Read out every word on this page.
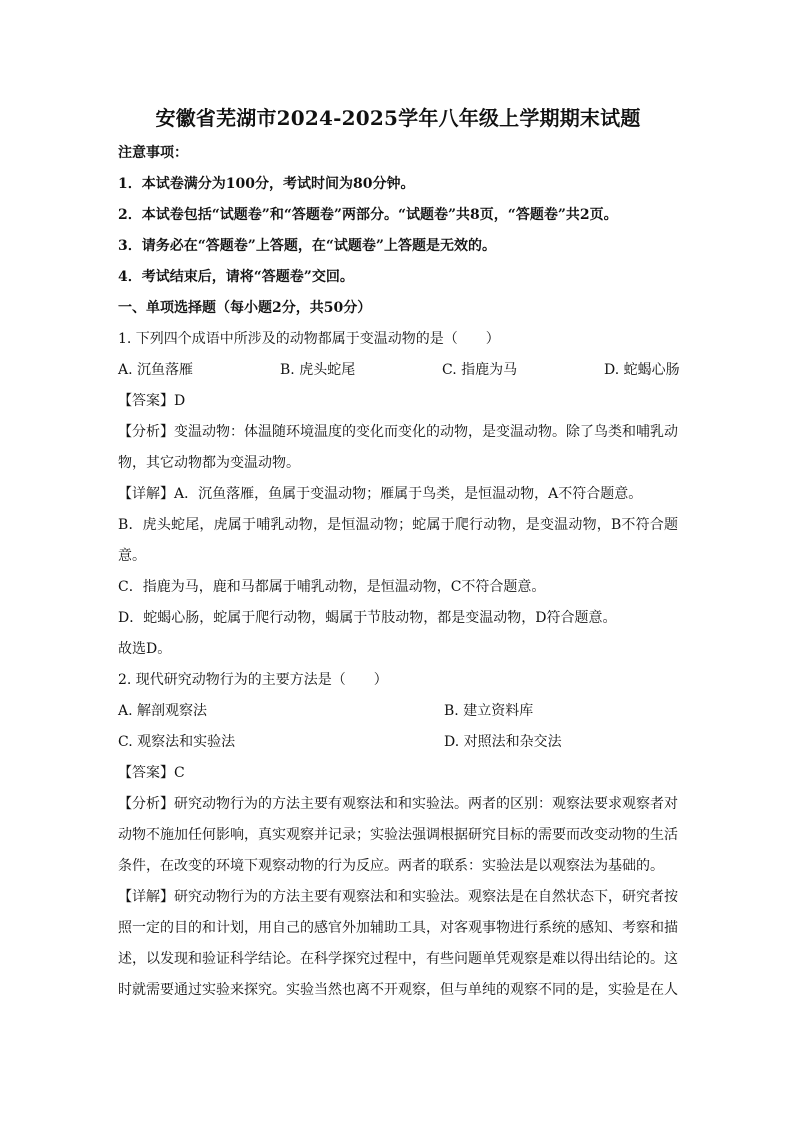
安徽省芜湖市2024-2025学年八年级上学期期末试题
注意事项：
1．本试卷满分为100分，考试时间为80分钟。
2．本试卷包括“试题卷”和“答题卷”两部分。“试题卷”共8页，“答题卷”共2页。
3．请务必在“答题卷”上答题，在“试题卷”上答题是无效的。
4．考试结束后，请将“答题卷”交回。
一、单项选择题（每小题2分，共50分）
1. 下列四个成语中所涉及的动物都属于变温动物的是（　　）
A. 沉鱼落雁	B. 虎头蛇尾	C. 指鹿为马	D. 蛇蝎心肠
【答案】D
【分析】变温动物：体温随环境温度的变化而变化的动物，是变温动物。除了鸟类和哺乳动物，其它动物都为变温动物。
【详解】A．沉鱼落雁，鱼属于变温动物；雁属于鸟类，是恒温动物，A不符合题意。
B．虎头蛇尾，虎属于哺乳动物，是恒温动物；蛇属于爬行动物，是变温动物，B不符合题意。
C．指鹿为马，鹿和马都属于哺乳动物，是恒温动物，C不符合题意。
D．蛇蝎心肠，蛇属于爬行动物，蝎属于节肢动物，都是变温动物，D符合题意。
故选D。
2. 现代研究动物行为的主要方法是（　　）
A. 解剖观察法	B. 建立资料库
C. 观察法和实验法	D. 对照法和杂交法
【答案】C
【分析】研究动物行为的方法主要有观察法和和实验法。两者的区别：观察法要求观察者对动物不施加任何影响，真实观察并记录；实验法强调根据研究目标的需要而改变动物的生活条件，在改变的环境下观察动物的行为反应。两者的联系：实验法是以观察法为基础的。
【详解】研究动物行为的方法主要有观察法和和实验法。观察法是在自然状态下，研究者按照一定的目的和计划，用自己的感官外加辅助工具，对客观事物进行系统的感知、考察和描述，以发现和验证科学结论。在科学探究过程中，有些问题单凭观察是难以得出结论的。这时就需要通过实验来探究。实验当然也离不开观察，但与单纯的观察不同的是，实验是在人
